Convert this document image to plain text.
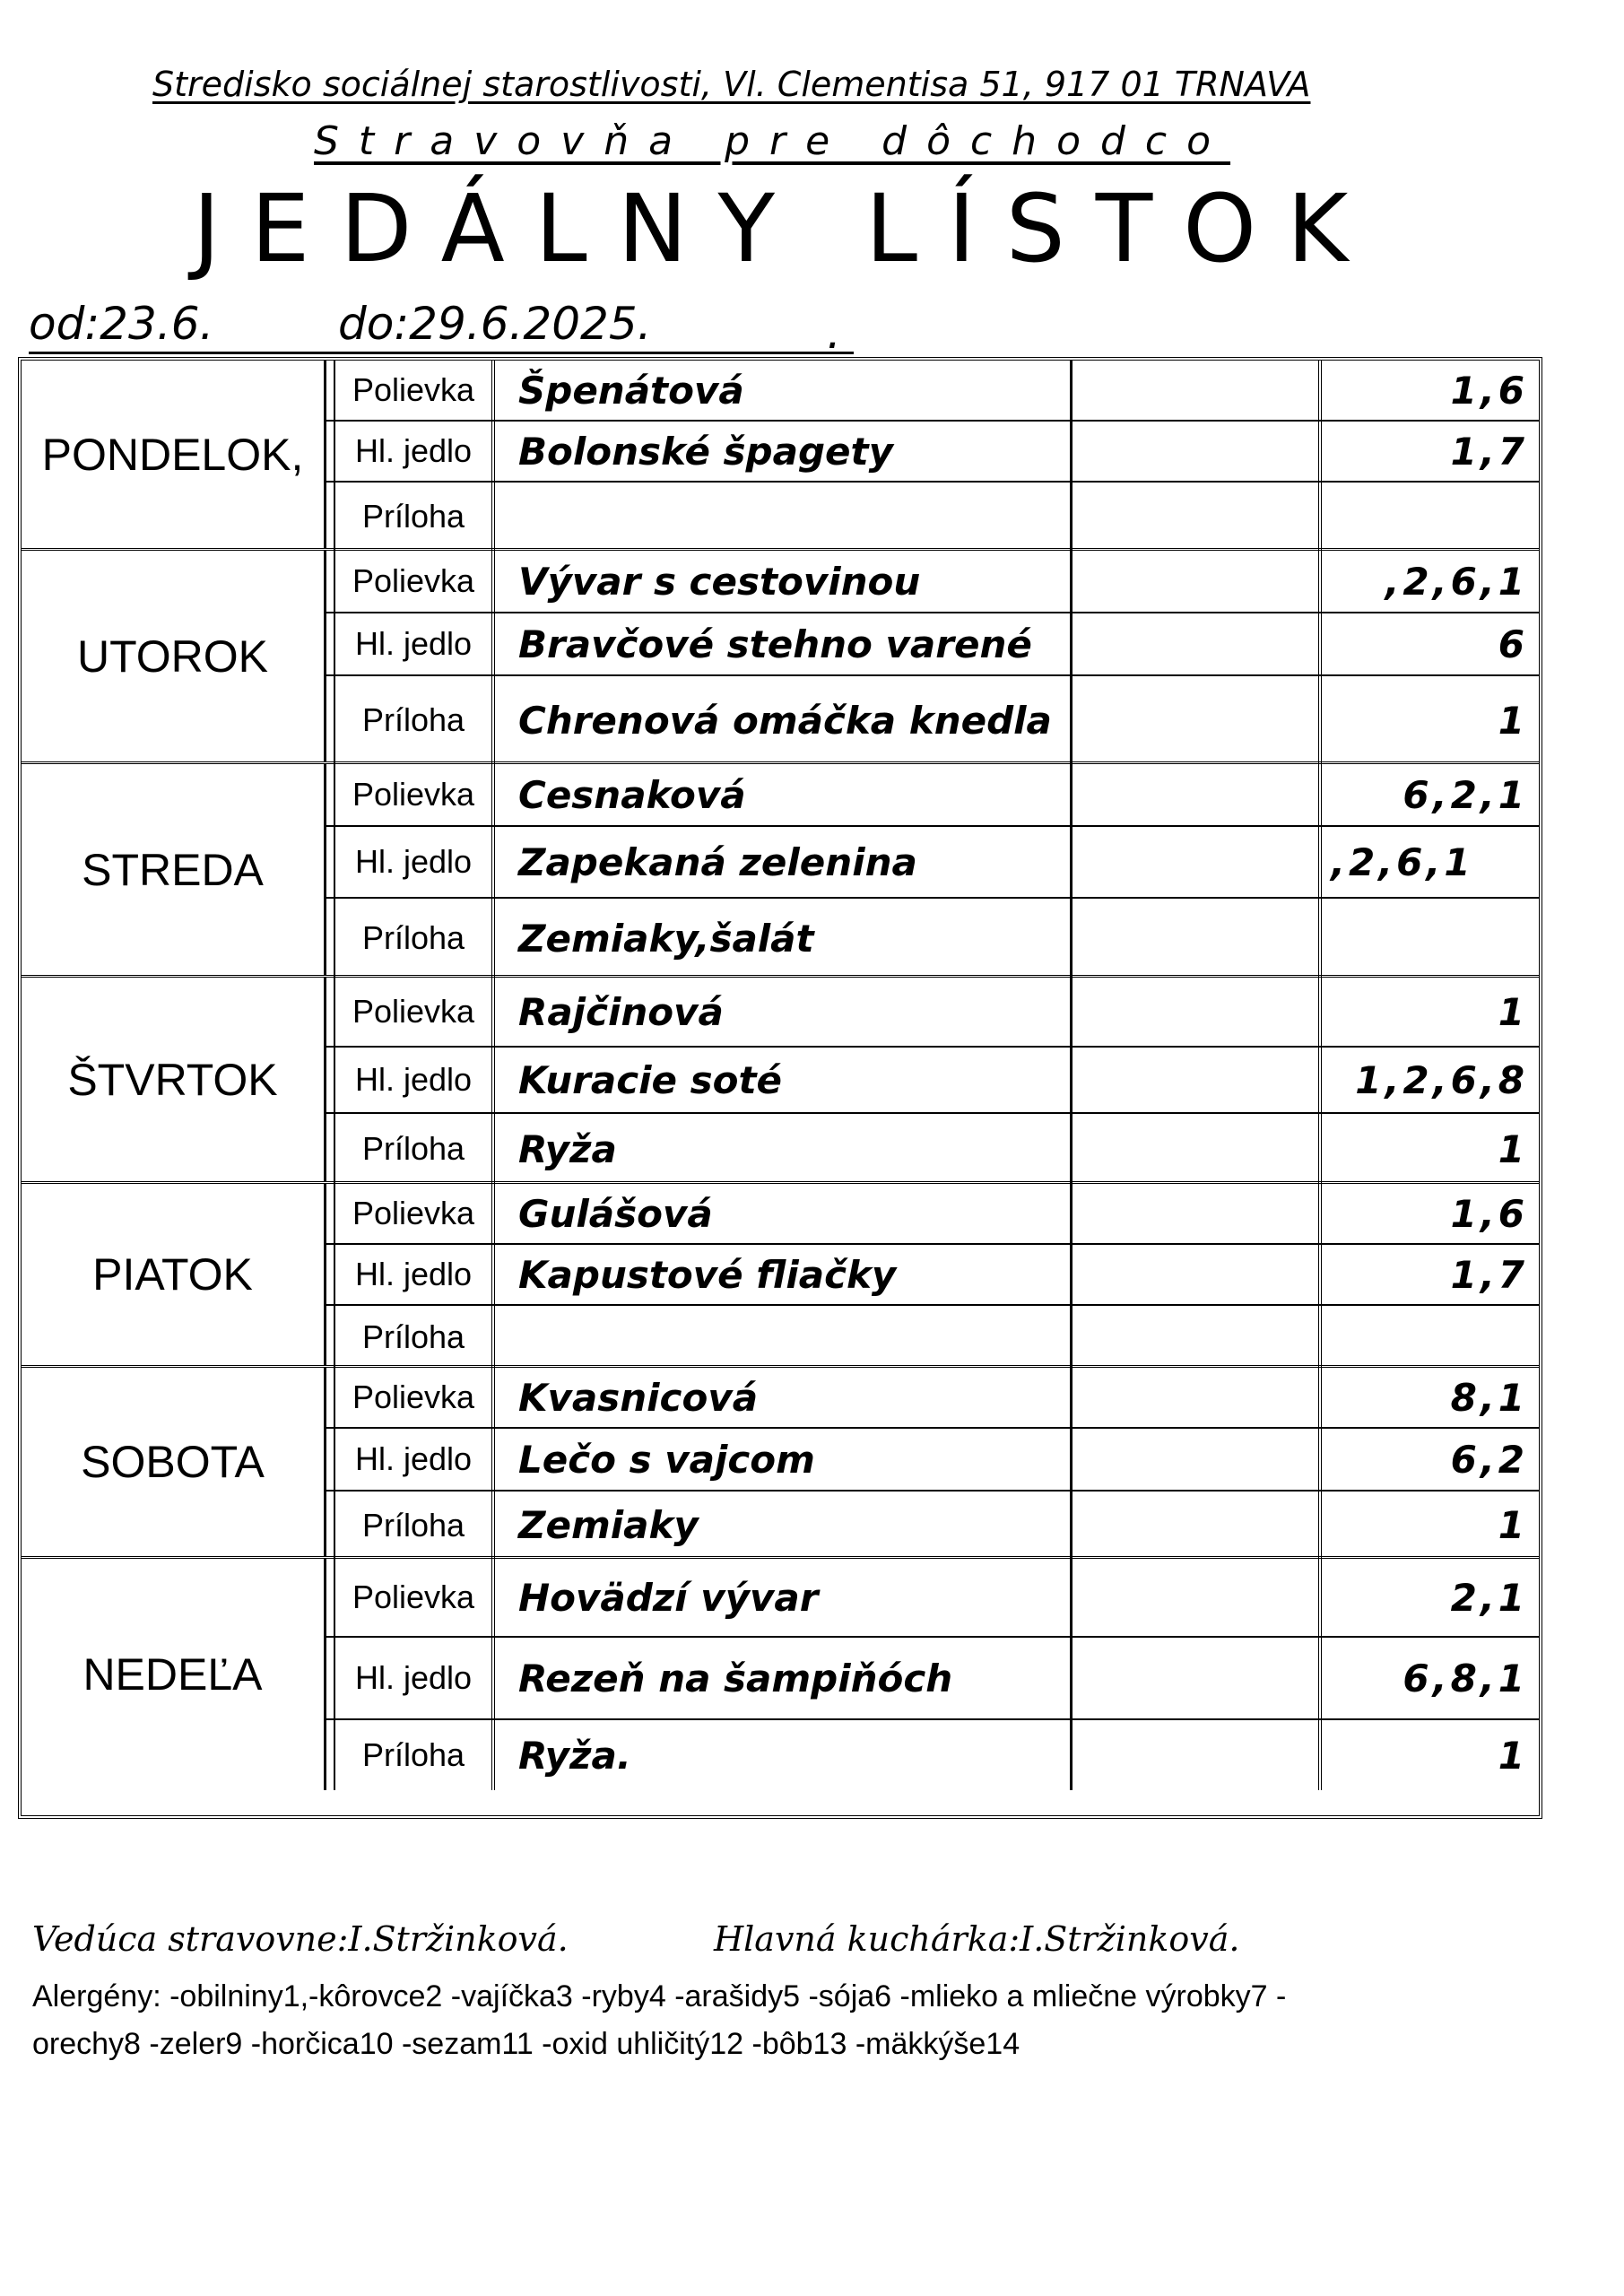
Stredisko sociálnej starostlivosti, Vl. Clementisa 51, 917 01 TRNAVA
Stravovňa pre dôchodco
JEDÁLNY LÍSTOK
od:23.6.	do:29.6.2025.	.
PONDELOK,
Polievka	Špenátová	1,6
Hl. jedlo	Bolonské špagety	1,7
Príloha
UTOROK
Polievka	Vývar s cestovinou	,2,6,1
Hl. jedlo	Bravčové stehno varené	6
Príloha	Chrenová omáčka knedla	1
STREDA
Polievka	Cesnaková	6,2,1
Hl. jedlo	Zapekaná zelenina	,2,6,1
Príloha	Zemiaky,šalát
ŠTVRTOK
Polievka	Rajčinová	1
Hl. jedlo	Kuracie soté	1,2,6,8
Príloha	Ryža	1
PIATOK
Polievka	Gulášová	1,6
Hl. jedlo	Kapustové fliačky	1,7
Príloha
SOBOTA
Polievka	Kvasnicová	8,1
Hl. jedlo	Lečo s vajcom	6,2
Príloha	Zemiaky	1
NEDEĽA
Polievka	Hovädzí vývar	2,1
Hl. jedlo	Rezeň na šampiňóch	6,8,1
Príloha	Ryža.	1
Vedúca stravovne:I.Stržinková.	Hlavná kuchárka:I.Stržinková.
Alergény: -obilniny1,-kôrovce2 -vajíčka3 -ryby4 -arašidy5 -sója6 -mlieko a mliečne výrobky7 -
orechy8 -zeler9 -horčica10 -sezam11 -oxid uhličitý12 -bôb13 -mäkkýše14
